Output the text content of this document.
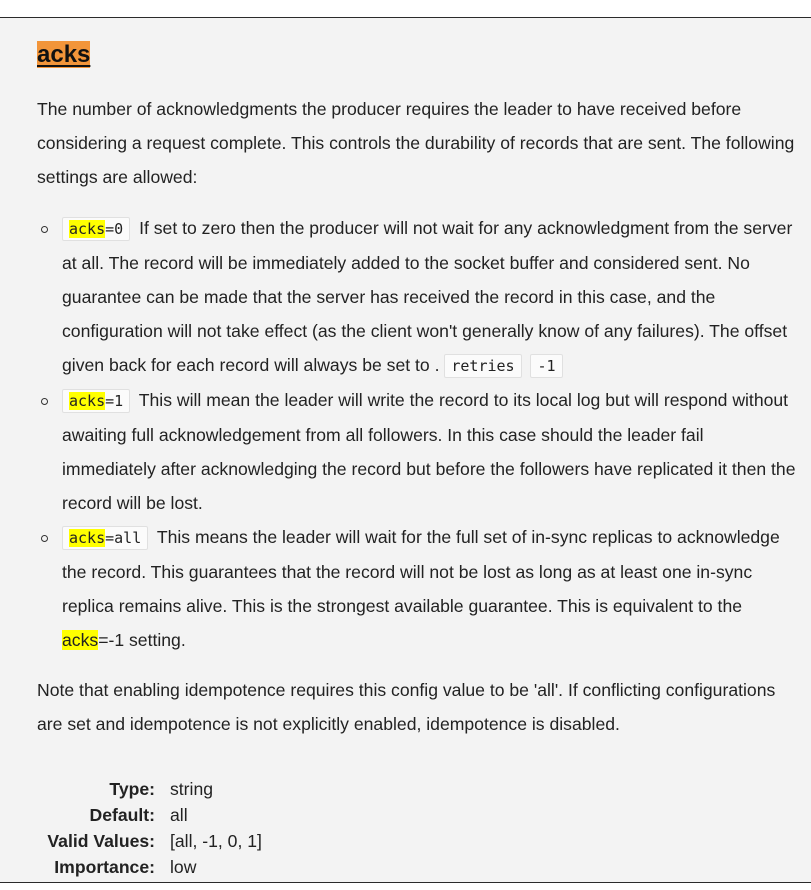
acks

The number of acknowledgments the producer requires the leader to have received before considering a request complete. This controls the durability of records that are sent. The following settings are allowed:

acks=0 If set to zero then the producer will not wait for any acknowledgment from the server at all. The record will be immediately added to the socket buffer and considered sent. No guarantee can be made that the server has received the record in this case, and the configuration will not take effect (as the client won't generally know of any failures). The offset given back for each record will always be set to . retries -1
acks=1 This will mean the leader will write the record to its local log but will respond without awaiting full acknowledgement from all followers. In this case should the leader fail immediately after acknowledging the record but before the followers have replicated it then the record will be lost.
acks=all This means the leader will wait for the full set of in-sync replicas to acknowledge the record. This guarantees that the record will not be lost as long as at least one in-sync replica remains alive. This is the strongest available guarantee. This is equivalent to the acks=-1 setting.

Note that enabling idempotence requires this config value to be 'all'. If conflicting configurations are set and idempotence is not explicitly enabled, idempotence is disabled.

Type: string
Default: all
Valid Values: [all, -1, 0, 1]
Importance: low
